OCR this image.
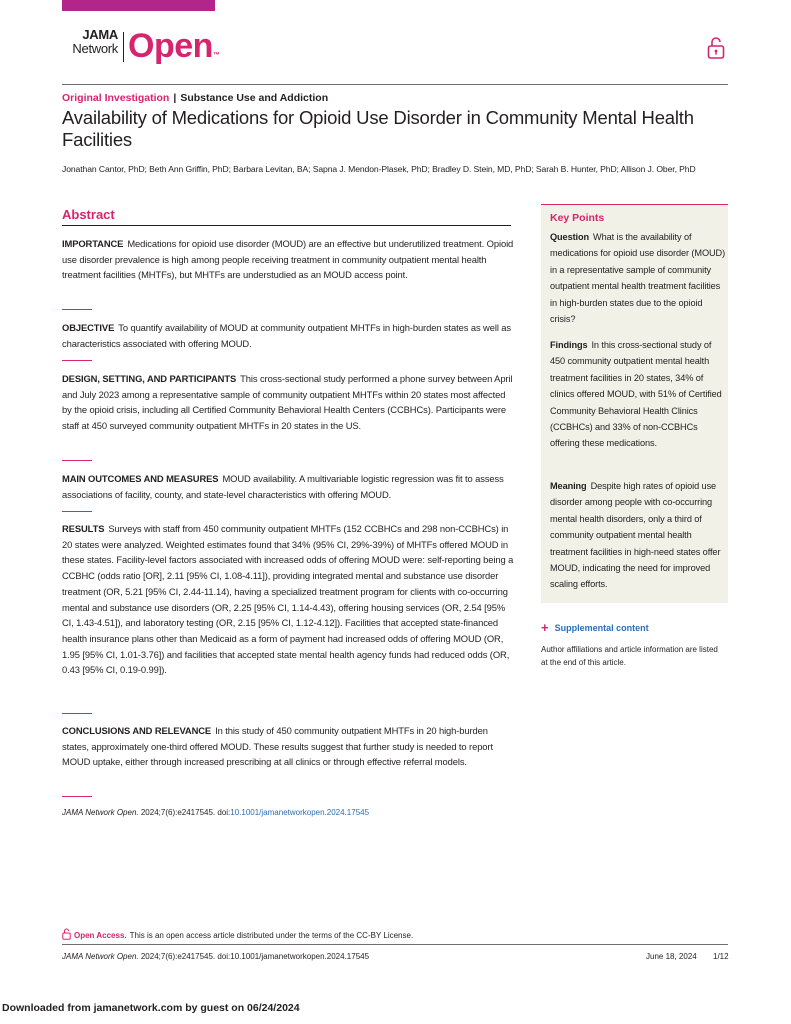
JAMA
Network Open™
Original Investigation | Substance Use and Addiction
Availability of Medications for Opioid Use Disorder in Community Mental Health Facilities
Jonathan Cantor, PhD; Beth Ann Griffin, PhD; Barbara Levitan, BA; Sapna J. Mendon-Plasek, PhD; Bradley D. Stein, MD, PhD; Sarah B. Hunter, PhD; Allison J. Ober, PhD
Abstract

IMPORTANCE Medications for opioid use disorder (MOUD) are an effective but underutilized treatment. Opioid use disorder prevalence is high among people receiving treatment in community outpatient mental health treatment facilities (MHTFs), but MHTFs are understudied as an MOUD access point.

OBJECTIVE To quantify availability of MOUD at community outpatient MHTFs in high-burden states as well as characteristics associated with offering MOUD.

DESIGN, SETTING, AND PARTICIPANTS This cross-sectional study performed a phone survey between April and July 2023 among a representative sample of community outpatient MHTFs within 20 states most affected by the opioid crisis, including all Certified Community Behavioral Health Centers (CCBHCs). Participants were staff at 450 surveyed community outpatient MHTFs in 20 states in the US.

MAIN OUTCOMES AND MEASURES MOUD availability. A multivariable logistic regression was fit to assess associations of facility, county, and state-level characteristics with offering MOUD.

RESULTS Surveys with staff from 450 community outpatient MHTFs (152 CCBHCs and 298 non-CCBHCs) in 20 states were analyzed. Weighted estimates found that 34% (95% CI, 29%-39%) of MHTFs offered MOUD in these states. Facility-level factors associated with increased odds of offering MOUD were: self-reporting being a CCBHC (odds ratio [OR], 2.11 [95% CI, 1.08-4.11]), providing integrated mental and substance use disorder treatment (OR, 5.21 [95% CI, 2.44-11.14), having a specialized treatment program for clients with co-occurring mental and substance use disorders (OR, 2.25 [95% CI, 1.14-4.43), offering housing services (OR, 2.54 [95% CI, 1.43-4.51]), and laboratory testing (OR, 2.15 [95% CI, 1.12-4.12]). Facilities that accepted state-financed health insurance plans other than Medicaid as a form of payment had increased odds of offering MOUD (OR, 1.95 [95% CI, 1.01-3.76]) and facilities that accepted state mental health agency funds had reduced odds (OR, 0.43 [95% CI, 0.19-0.99]).

CONCLUSIONS AND RELEVANCE In this study of 450 community outpatient MHTFs in 20 high-burden states, approximately one-third offered MOUD. These results suggest that further study is needed to report MOUD uptake, either through increased prescribing at all clinics or through effective referral models.

JAMA Network Open. 2024;7(6):e2417545. doi:10.1001/jamanetworkopen.2024.17545
Key Points

Question What is the availability of medications for opioid use disorder (MOUD) in a representative sample of community outpatient mental health treatment facilities in high-burden states due to the opioid crisis?

Findings In this cross-sectional study of 450 community outpatient mental health treatment facilities in 20 states, 34% of clinics offered MOUD, with 51% of Certified Community Behavioral Health Clinics (CCBHCs) and 33% of non-CCBHCs offering these medications.

Meaning Despite high rates of opioid use disorder among people with co-occurring mental health disorders, only a third of community outpatient mental health treatment facilities in high-need states offer MOUD, indicating the need for improved scaling efforts.

+ Supplemental content

Author affiliations and article information are listed at the end of this article.

Open Access. This is an open access article distributed under the terms of the CC-BY License.
JAMA Network Open. 2024;7(6):e2417545. doi:10.1001/jamanetworkopen.2024.17545	June 18, 2024 1/12
Downloaded from jamanetwork.com by guest on 06/24/2024
